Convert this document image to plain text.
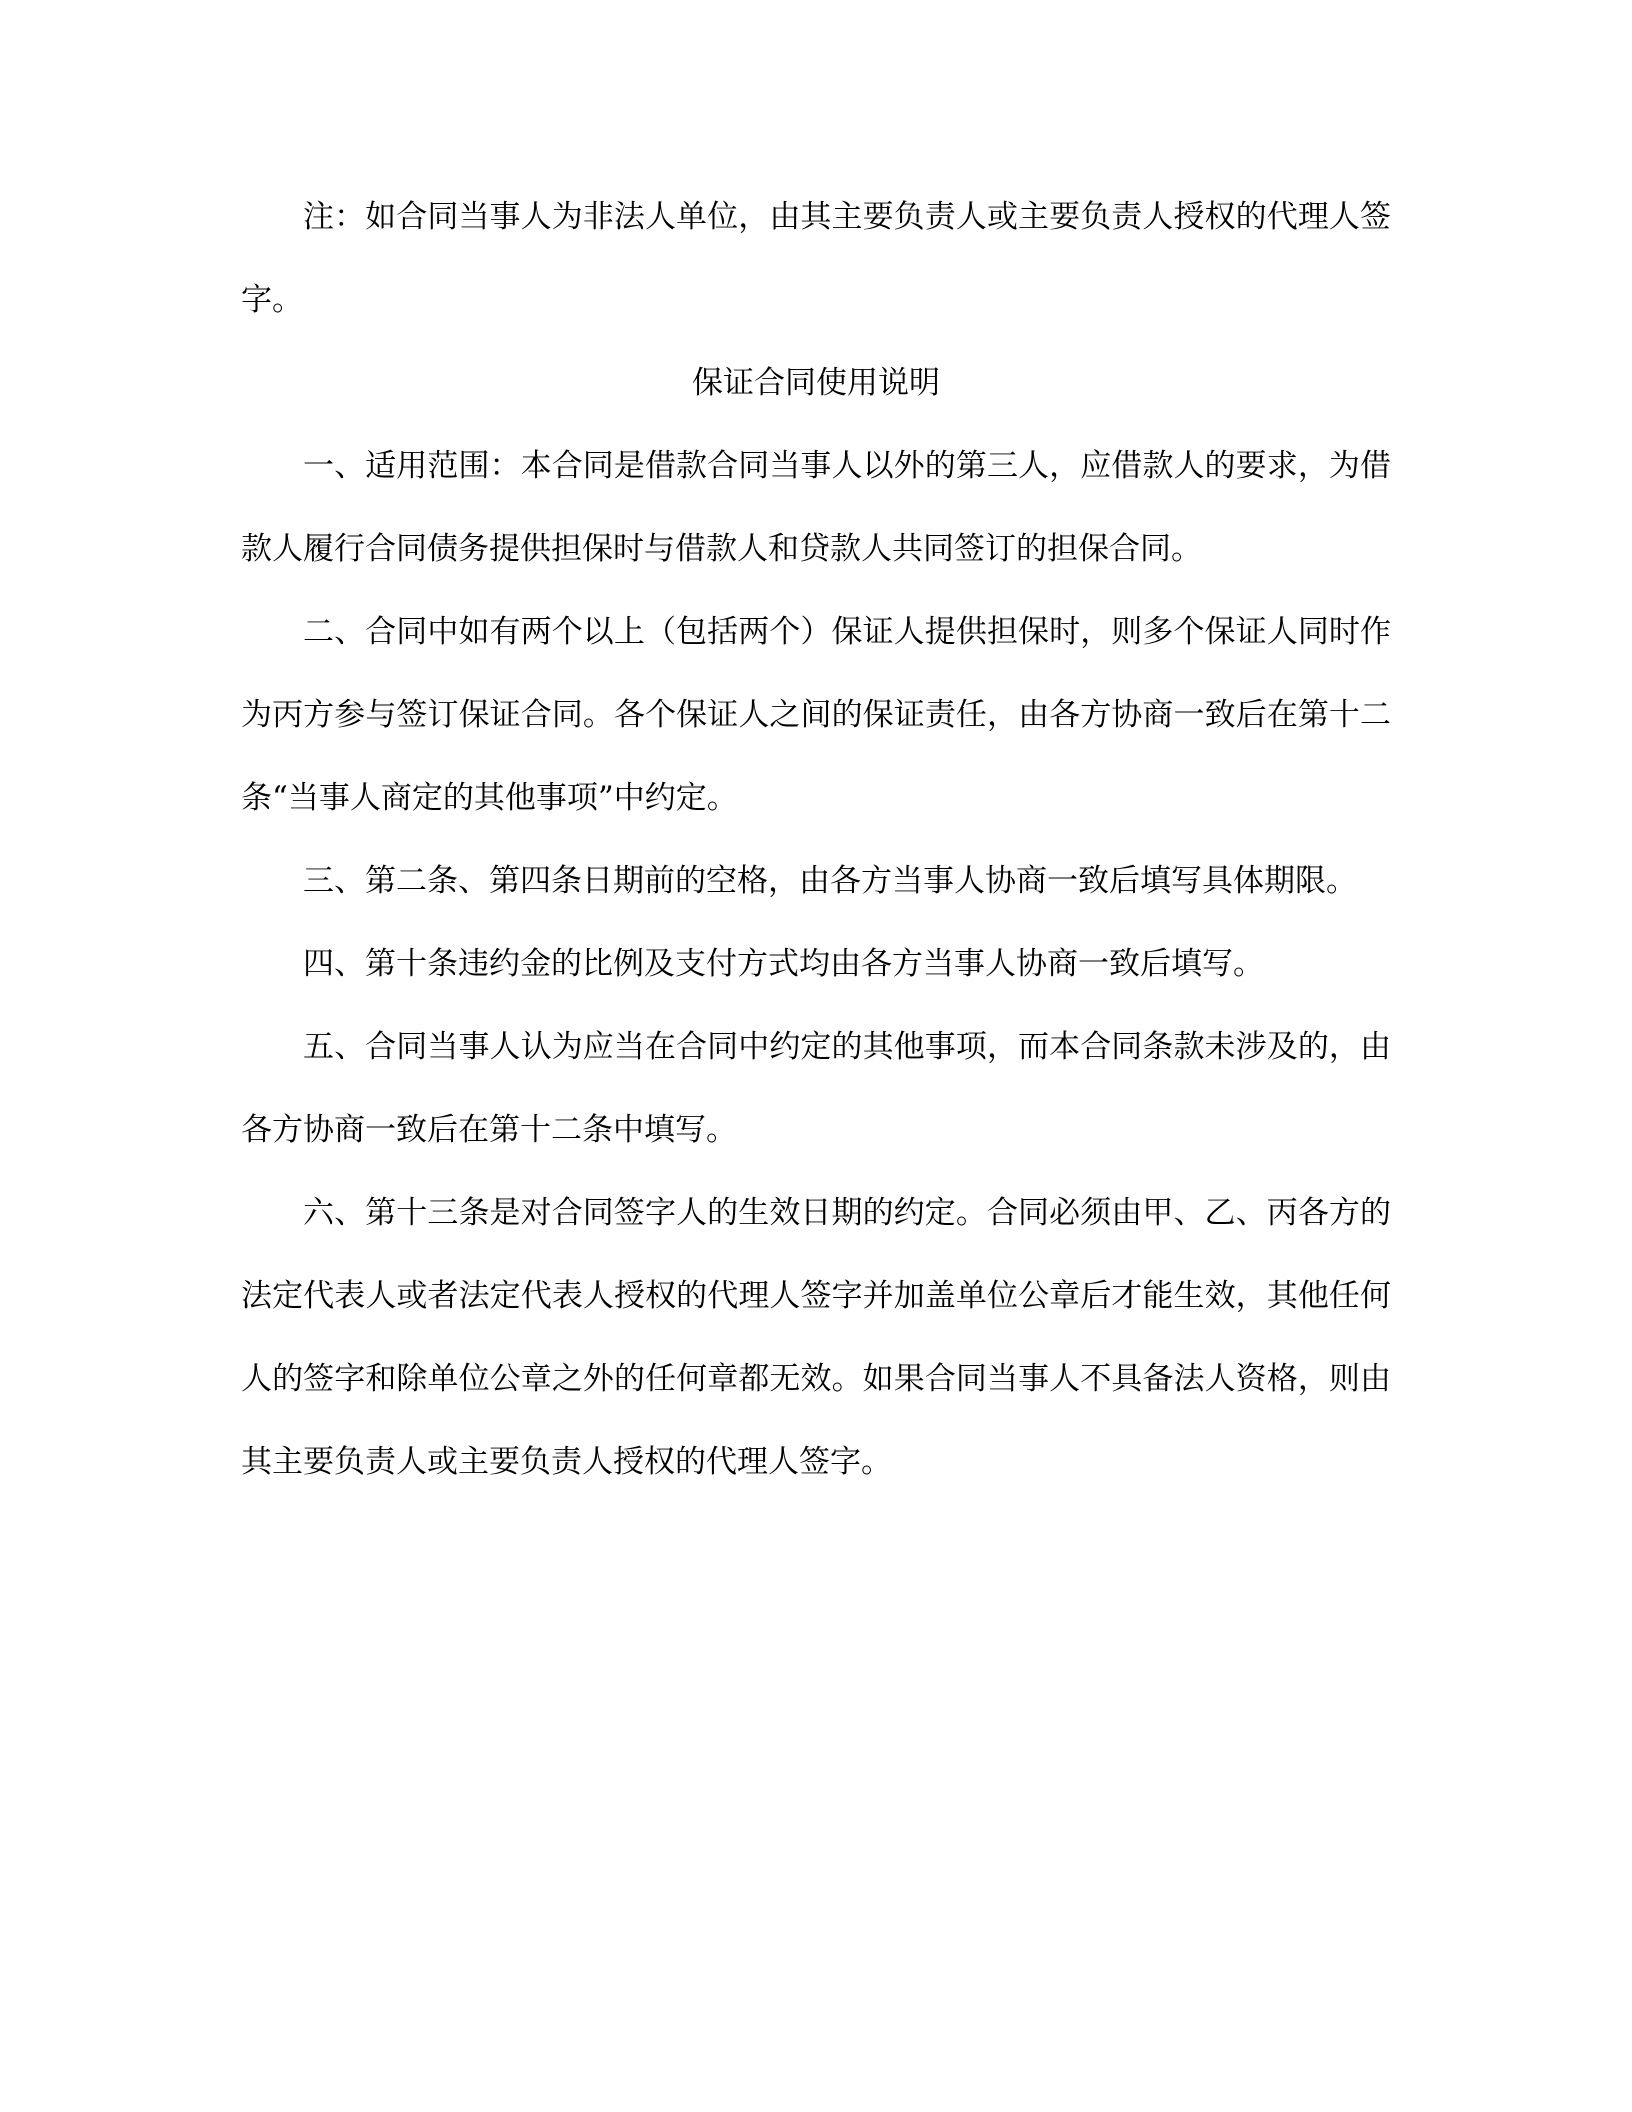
注：如合同当事人为非法人单位，由其主要负责人或主要负责人授权的代理人签字。

保证合同使用说明

一、适用范围：本合同是借款合同当事人以外的第三人，应借款人的要求，为借款人履行合同债务提供担保时与借款人和贷款人共同签订的担保合同。

二、合同中如有两个以上（包括两个）保证人提供担保时，则多个保证人同时作为丙方参与签订保证合同。各个保证人之间的保证责任，由各方协商一致后在第十二条“当事人商定的其他事项”中约定。

三、第二条、第四条日期前的空格，由各方当事人协商一致后填写具体期限。

四、第十条违约金的比例及支付方式均由各方当事人协商一致后填写。

五、合同当事人认为应当在合同中约定的其他事项，而本合同条款未涉及的，由各方协商一致后在第十二条中填写。

六、第十三条是对合同签字人的生效日期的约定。合同必须由甲、乙、丙各方的法定代表人或者法定代表人授权的代理人签字并加盖单位公章后才能生效，其他任何人的签字和除单位公章之外的任何章都无效。如果合同当事人不具备法人资格，则由其主要负责人或主要负责人授权的代理人签字。
